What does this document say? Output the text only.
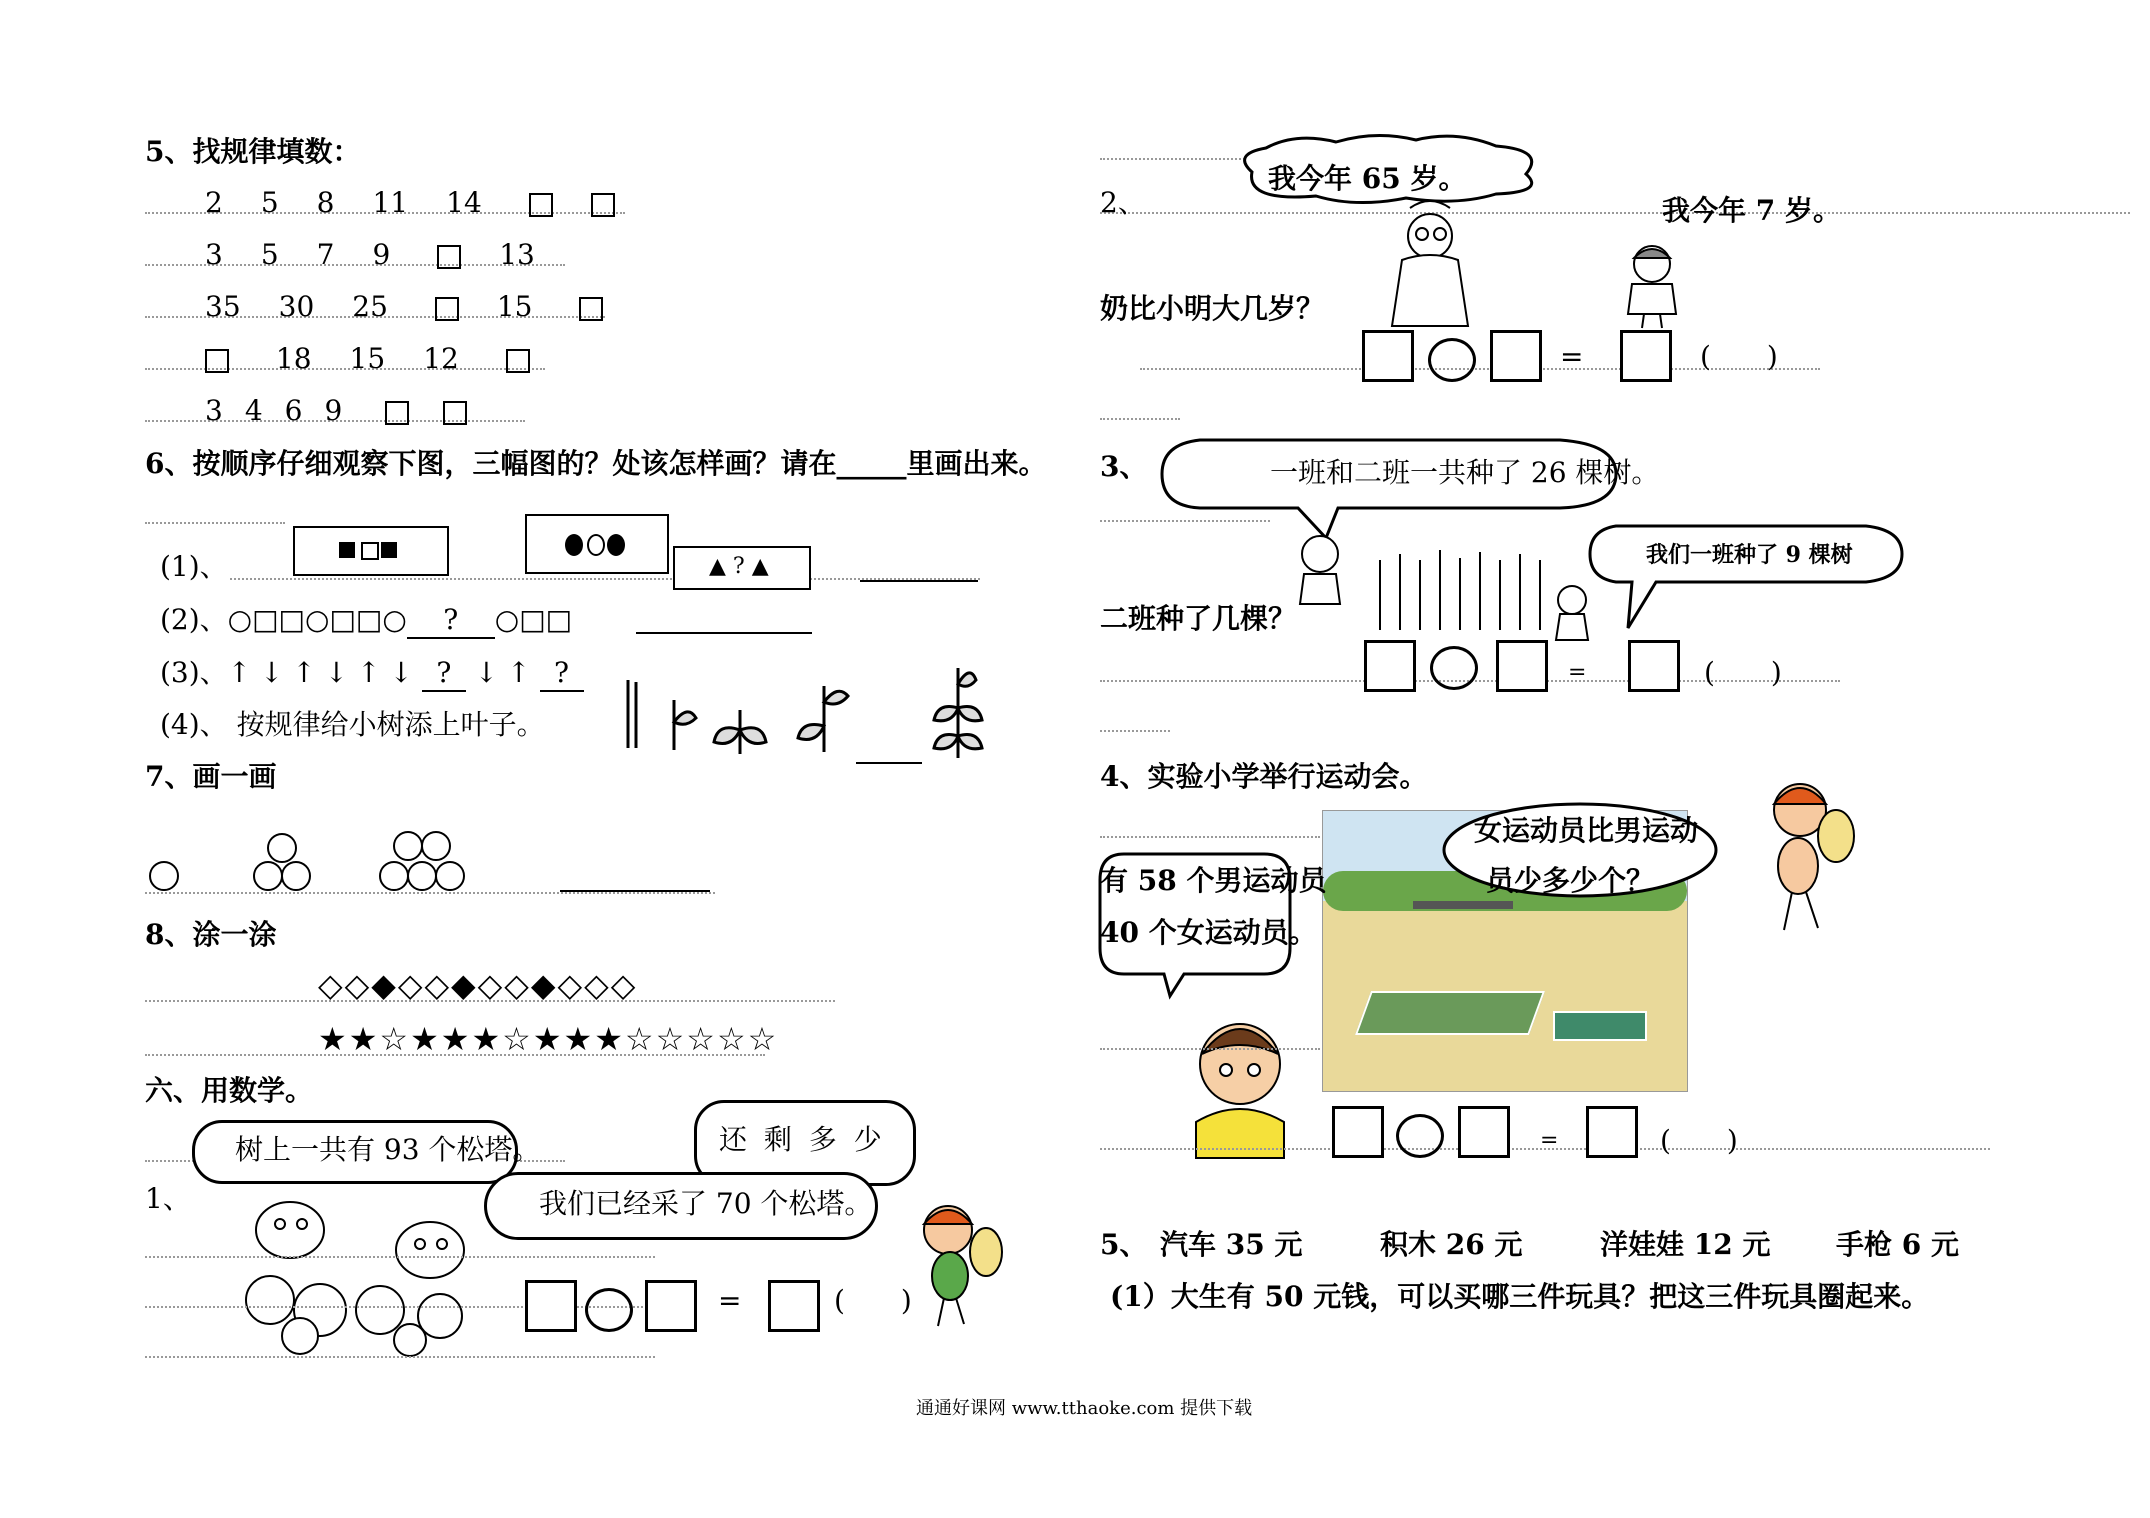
5、找规律填数：
2 5 8 11 14
3 5 7 9	13
35 30 25	15
18 15 12
3 4 6 9
6、按顺序仔细观察下图，三幅图的？处该怎样画？请在_____里画出来。
(1)、	▲ ? ▲
(2)、○□□○□□○ ? ○□□
(3)、↑ ↓ ↑ ↓ ↑ ↓ ? ↓ ↑ ?
(4)、 按规律给小树添上叶子。
7、画一画
8、涂一涂
◇◇◆◇◇◆◇◇◆◇◇◇
★★☆★★★☆★★★☆☆☆☆☆
六、用数学。
1、
树上一共有 93 个松塔。	还 剩 多 少
我们已经采了 70 个松塔。
=	(　　)
2、
我今年 65 岁。
我今年 7 岁。
奶比小明大几岁？
=	(　　)
3、	一班和二班一共种了 26 棵树。
我们一班种了 9 棵树
二班种了几棵？
=	(　　)
4、实验小学举行运动会。
女运动员比男运动
员少多少个？
有 58 个男运动员
40 个女运动员。
=	(　　)
5、 汽车 35 元	积木 26 元	洋娃娃 12 元 手枪 6 元
(1）大生有 50 元钱，可以买哪三件玩具？把这三件玩具圈起来。
通通好课网 www.tthaoke.com 提供下载
